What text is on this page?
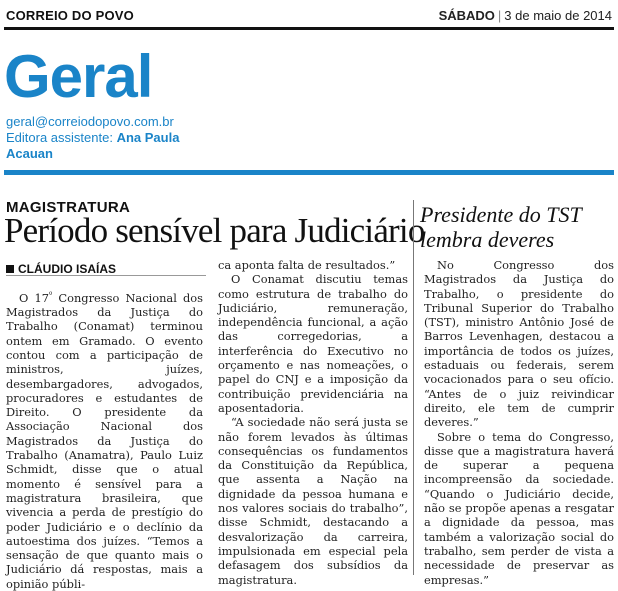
CORREIO DO POVO	SÁBADO | 3 de maio de 2014
Geral
geral@correiodopovo.com.br
Editora assistente: Ana Paula
Acauan
MAGISTRATURA
Período sensível para Judiciário
CLÁUDIO ISAÍAS

O $17^º$ Congresso Nacional dos Magistrados da Justiça do Trabalho (Conamat) terminou ontem em Gramado. O evento contou com a participação de ministros, juízes, desembargadores, advogados, procuradores e estudantes de Direito. O presidente da Associação Nacional dos Magistrados da Justiça do Trabalho (Anamatra), Paulo Luiz Schmidt, disse que o atual momento é sensível para a magistratura brasileira, que vivencia a perda de prestígio do poder Judiciário e o declínio da autoestima dos juízes. “Temos a sensação de que quanto mais o Judiciário dá respostas, mais a opinião públi-

ca aponta falta de resultados.”

O Conamat discutiu temas como estrutura de trabalho do Judiciário, remuneração, independência funcional, a ação das corregedorias, a interferência do Executivo no orçamento e nas nomeações, o papel do CNJ e a imposição da contribuição previdenciária na aposentadoria.

“A sociedade não será justa se não forem levados às últimas consequências os fundamentos da Constituição da República, que assenta a Nação na dignidade da pessoa humana e nos valores sociais do trabalho”, disse Schmidt, destacando a desvalorização da carreira, impulsionada em especial pela defasagem dos subsídios da magistratura.

Presidente do TST lembra deveres

No Congresso dos Magistrados da Justiça do Trabalho, o presidente do Tribunal Superior do Trabalho (TST), ministro Antônio José de Barros Levenhagen, destacou a importância de todos os juízes, estaduais ou federais, serem vocacionados para o seu ofício. “Antes de o juiz reivindicar direito, ele tem de cumprir deveres.”

Sobre o tema do Congresso, disse que a magistratura haverá de superar a pequena incompreensão da sociedade. “Quando o Judiciário decide, não se propõe apenas a resgatar a dignidade da pessoa, mas também a valorização social do trabalho, sem perder de vista a necessidade de preservar as empresas.”
